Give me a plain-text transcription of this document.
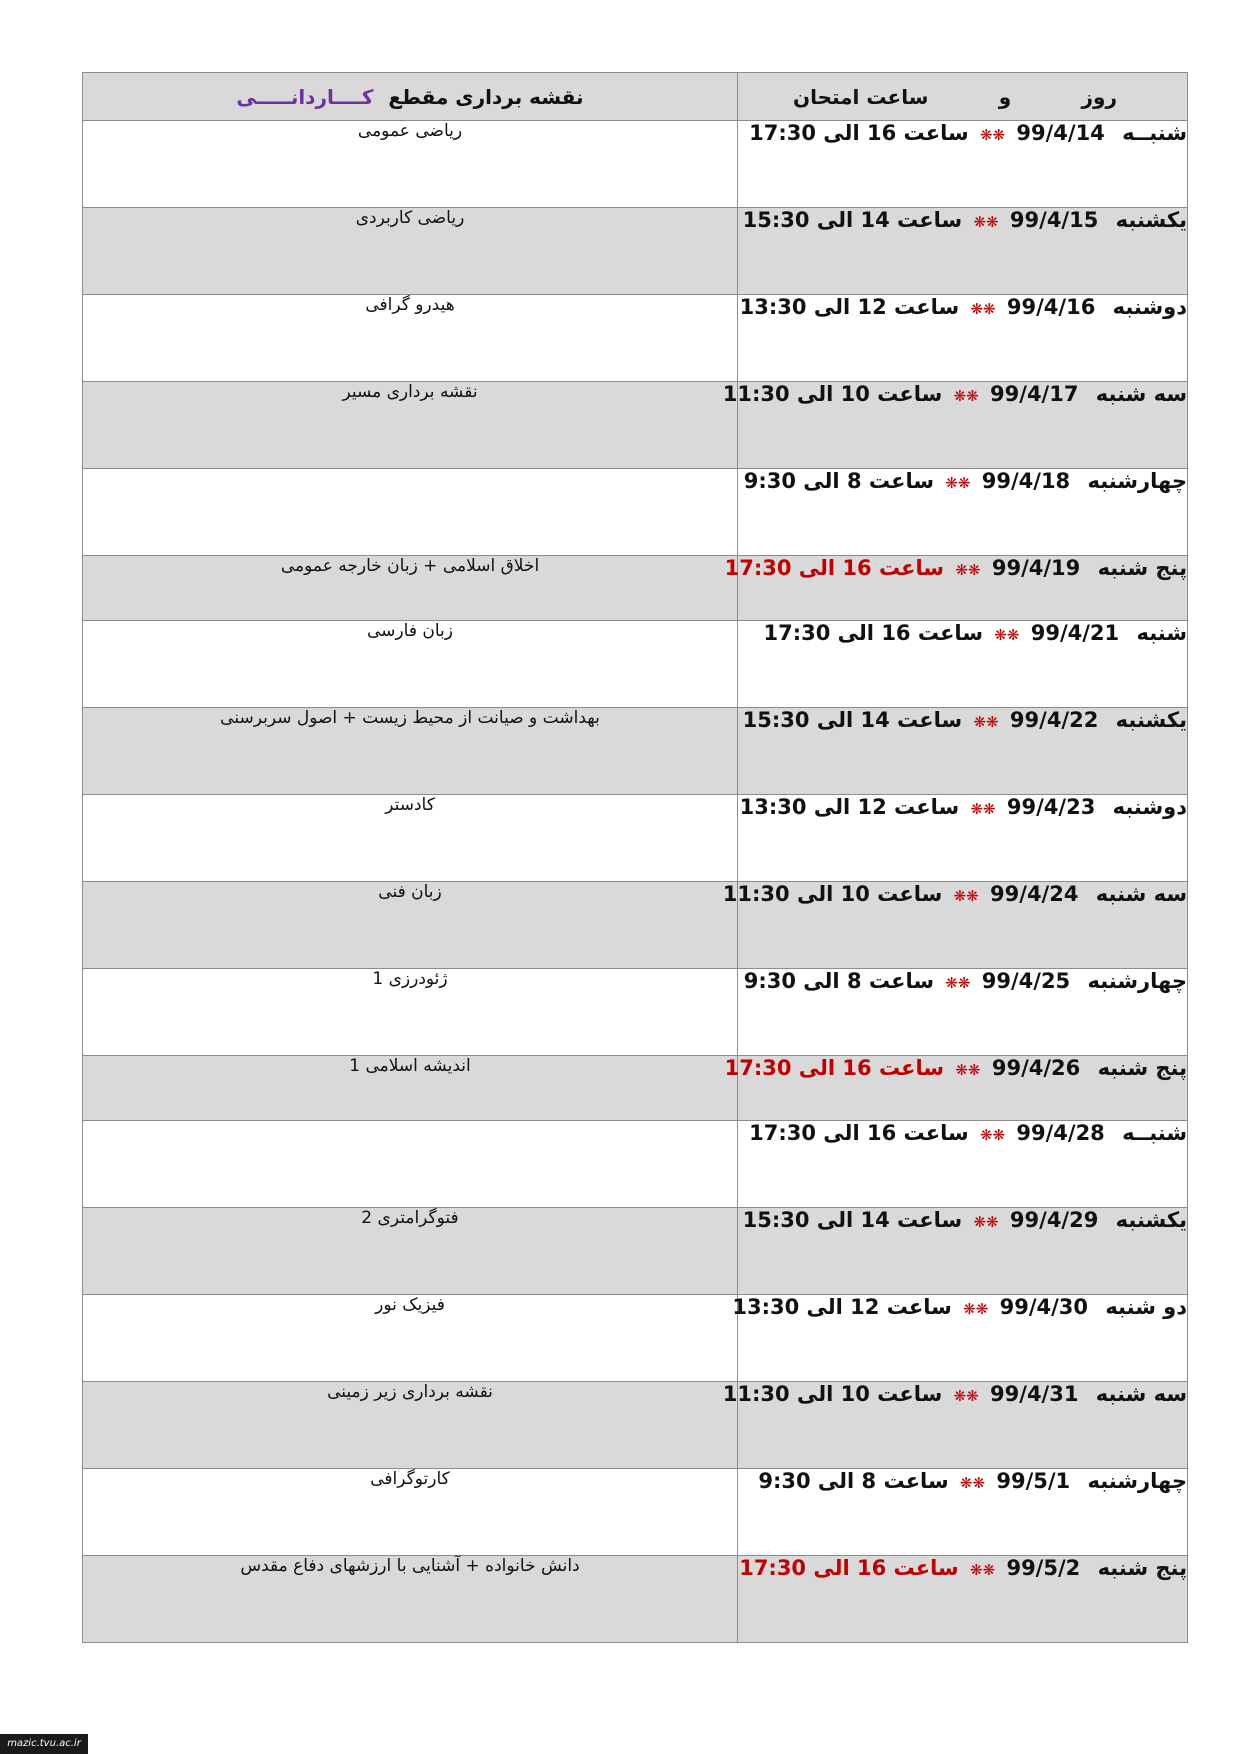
روز
و
ساعت امتحان	نقشه برداری مقطع کــــاردانـــــی
شنبــه 99/4/14 ❋❋ ساعت 16 الی 17:30	ریاضی عمومی
یکشنبه 99/4/15 ❋❋ ساعت 14 الی 15:30	ریاضی کاربردی
دوشنبه 99/4/16 ❋❋ ساعت 12 الی 13:30	هیدرو گرافی
سه شنبه 99/4/17 ❋❋ ساعت 10 الی 11:30	نقشه برداری مسیر
چهارشنبه 99/4/18 ❋❋ ساعت 8 الی 9:30	
پنج شنبه 99/4/19 ❋❋ ساعت 16 الی 17:30	اخلاق اسلامی + زبان خارجه عمومی
شنبه 99/4/21 ❋❋ ساعت 16 الی 17:30	زبان فارسی
یکشنبه 99/4/22 ❋❋ ساعت 14 الی 15:30	بهداشت و صیانت از محیط زیست + اصول سربرسنی
دوشنبه 99/4/23 ❋❋ ساعت 12 الی 13:30	کادستر
سه شنبه 99/4/24 ❋❋ ساعت 10 الی 11:30	زبان فنی
چهارشنبه 99/4/25 ❋❋ ساعت 8 الی 9:30	ژئودرزی 1
پنج شنبه 99/4/26 ❋❋ ساعت 16 الی 17:30	اندیشه اسلامی 1
شنبــه 99/4/28 ❋❋ ساعت 16 الی 17:30	
یکشنبه 99/4/29 ❋❋ ساعت 14 الی 15:30	فتوگرامتری 2
دو شنبه 99/4/30 ❋❋ ساعت 12 الی 13:30	فیزیک نور
سه شنبه 99/4/31 ❋❋ ساعت 10 الی 11:30	نقشه برداری زیر زمینی
چهارشنبه 99/5/1 ❋❋ ساعت 8 الی 9:30	کارتوگرافی
پنج شنبه 99/5/2 ❋❋ ساعت 16 الی 17:30	دانش خانواده + آشنایی با ارزشهای دفاع مقدس
mazic.tvu.ac.ir
